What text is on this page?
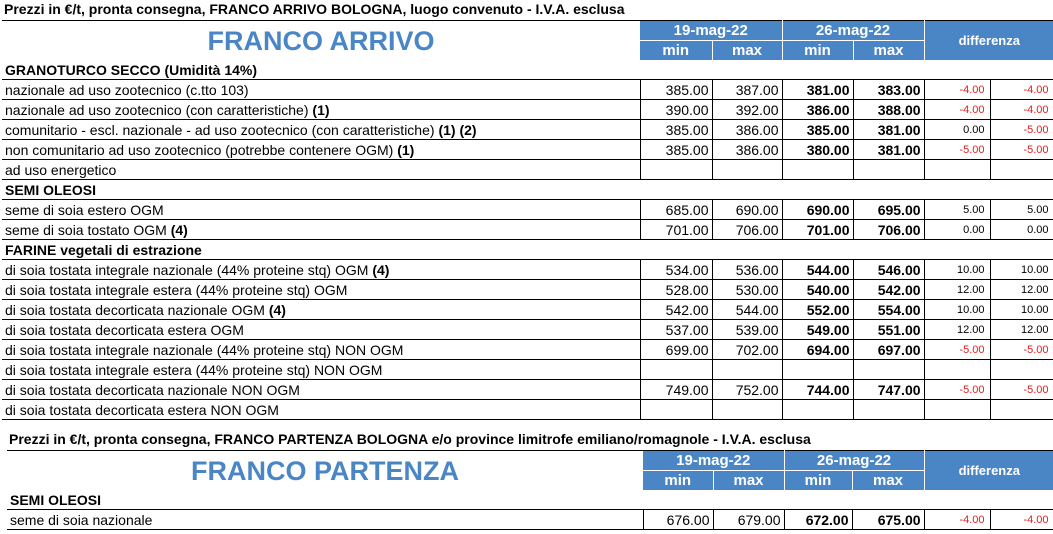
Prezzi in €/t, pronta consegna, FRANCO ARRIVO BOLOGNA, luogo convenuto - I.V.A. esclusa
FRANCO ARRIVO	19-mag-22		26-mag-22		differenza	
	min	max	min	max		
GRANOTURCO SECCO (Umidità 14%)						
nazionale ad uso zootecnico (c.tto 103)	385.00	387.00	381.00	383.00	-4.00	-4.00
nazionale ad uso zootecnico (con caratteristiche) (1)	390.00	392.00	386.00	388.00	-4.00	-4.00
comunitario - escl. nazionale - ad uso zootecnico (con caratteristiche) (1) (2)	385.00	386.00	385.00	381.00	0.00	-5.00
non comunitario ad uso zootecnico (potrebbe contenere OGM) (1)	385.00	386.00	380.00	381.00	-5.00	-5.00
ad uso energetico						
SEMI OLEOSI						
seme di soia estero OGM	685.00	690.00	690.00	695.00	5.00	5.00
seme di soia tostato OGM (4)	701.00	706.00	701.00	706.00	0.00	0.00
FARINE vegetali di estrazione						
di soia tostata integrale nazionale (44% proteine stq) OGM (4)	534.00	536.00	544.00	546.00	10.00	10.00
di soia tostata integrale estera (44% proteine stq) OGM	528.00	530.00	540.00	542.00	12.00	12.00
di soia tostata decorticata nazionale OGM (4)	542.00	544.00	552.00	554.00	10.00	10.00
di soia tostata decorticata estera OGM	537.00	539.00	549.00	551.00	12.00	12.00
di soia tostata integrale nazionale (44% proteine stq) NON OGM	699.00	702.00	694.00	697.00	-5.00	-5.00
di soia tostata integrale estera (44% proteine stq) NON OGM						
di soia tostata decorticata nazionale NON OGM	749.00	752.00	744.00	747.00	-5.00	-5.00
di soia tostata decorticata estera NON OGM						
Prezzi in €/t, pronta consegna, FRANCO PARTENZA BOLOGNA e/o province limitrofe emiliano/romagnole - I.V.A. esclusa
FRANCO PARTENZA	19-mag-22		26-mag-22		differenza	
	min	max	min	max		
SEMI OLEOSI						
seme di soia nazionale	676.00	679.00	672.00	675.00	-4.00	-4.00
